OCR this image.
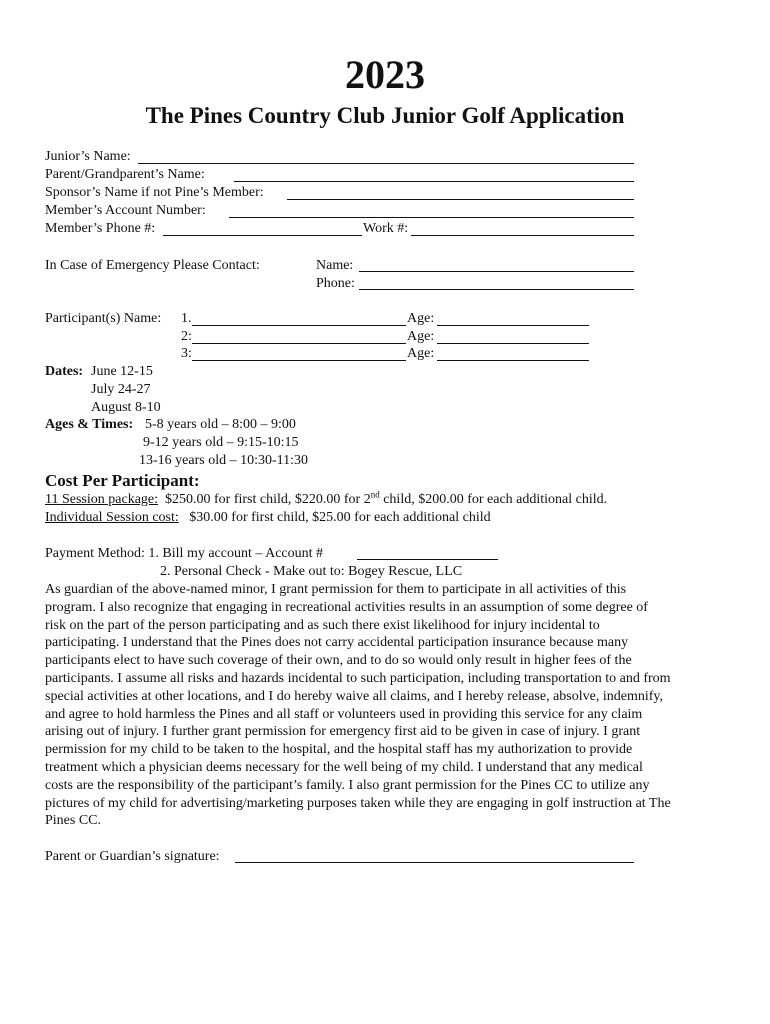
2023
The Pines Country Club Junior Golf Application
Junior’s Name:
Parent/Grandparent’s Name:
Sponsor’s Name if not Pine’s Member:
Member’s Account Number:
Member’s Phone #:	Work #:
In Case of Emergency Please Contact:	Name:
Phone:
Participant(s) Name: 1.	Age:
2:	Age:
3:	Age:
Dates: June 12-15
July 24-27
August 8-10
Ages & Times: 5-8 years old – 8:00 – 9:00
9-12 years old – 9:15-10:15
13-16 years old – 10:30-11:30
Cost Per Participant:
11 Session package: $250.00 for first child, $220.00 for 2nd child, $200.00 for each additional child.
Individual Session cost: $30.00 for first child, $25.00 for each additional child
Payment Method: 1. Bill my account – Account #
2. Personal Check - Make out to: Bogey Rescue, LLC
As guardian of the above-named minor, I grant permission for them to participate in all activities of this
program. I also recognize that engaging in recreational activities results in an assumption of some degree of
risk on the part of the person participating and as such there exist likelihood for injury incidental to
participating. I understand that the Pines does not carry accidental participation insurance because many
participants elect to have such coverage of their own, and to do so would only result in higher fees of the
participants. I assume all risks and hazards incidental to such participation, including transportation to and from
special activities at other locations, and I do hereby waive all claims, and I hereby release, absolve, indemnify,
and agree to hold harmless the Pines and all staff or volunteers used in providing this service for any claim
arising out of injury. I further grant permission for emergency first aid to be given in case of injury. I grant
permission for my child to be taken to the hospital, and the hospital staff has my authorization to provide
treatment which a physician deems necessary for the well being of my child. I understand that any medical
costs are the responsibility of the participant’s family. I also grant permission for the Pines CC to utilize any
pictures of my child for advertising/marketing purposes taken while they are engaging in golf instruction at The
Pines CC.
Parent or Guardian’s signature:
